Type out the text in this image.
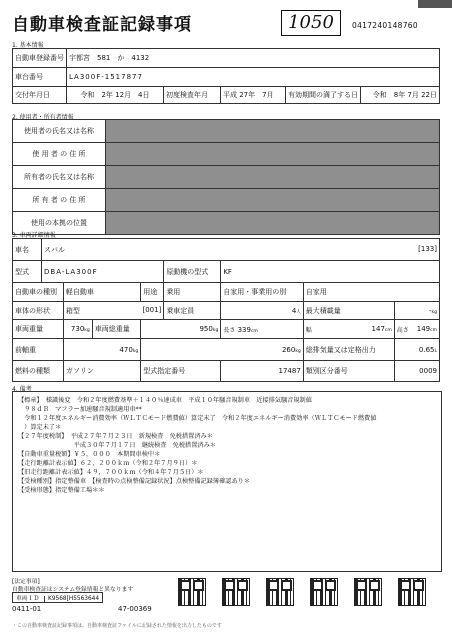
自動車検査証記録事項	1050	0417240148760
1. 基本情報
自動車登録番号	宇都宮　581　か　4132				
車台番号	LA300F-1517877				
交付年月日	令和　2年 12月　4日	初度検査年月	平成 27年　7月	有効期間の満了する日	令和　8年 7月 22日
2. 使用者・所有者情報
使用者の氏名又は名称	
使 用 者 の 住 所	
所有者の氏名又は名称	
所 有 者 の 住 所	
使用の本拠の位置	
3. 車両詳細情報
車名	スバル [133]							

型式	DBA-LA300F				原動機の型式	KF		
自動車の種別		軽自動車		用途	乗用	自家用・事業用の別	自家用	
車体の形状		箱型 [001]			乗車定員	4人	最大積載量	-kg
車両重量		730kg	車両総重量	950kg		長さ 339cm	幅 147cm	高さ 149cm

前軸重		470kg		260kg			総排気量又は定格出力	0.65L
燃料の種類		ガソリン		型式指定番号		17487	類別区分番号	0009
4. 備考
【標章】　様識後変　令和２年度燃費基準＋１４０％達成車　平成１０年騒音規制車　近接排気騒音規制値
　９８ｄＢ　マフラー加速騒音規制適用車**
　令和１２年度エネルギー消費効率（ＷＬＴＣモード燃費値）算定未了　令和２年度エネルギー消費効率（ＷＬＴＣモード燃費値
　）算定未了＊
【２７年度税制】　平成２７年７月２３日　新規検査　免税措置済み＊
　　　　　　　　　平成３０年７月１７日　継続検査　免税措置済み＊
【自動車重量税額】￥５，０００　本期間車検中＊
【走行距離計表示値】６２，２００ｋｍ（令和２年７月９日）＊
【旧走行距離計表示値】４９，７００ｋｍ（令和４年７月５日）＊
【受検種別】指定整備車　【検査時の点検整備記録状況】点検整備記録簿確認あり＊
【受検形態】指定整備工場＊＊
[法定事項]
自動車検査証はシステム登録情報と異なります
車両ＩＤ K9568[H5563644
0411-01	47-00369
・この自動車検査証記録事項は、自動車検査証ファイルに記録された情報を出力したものです
